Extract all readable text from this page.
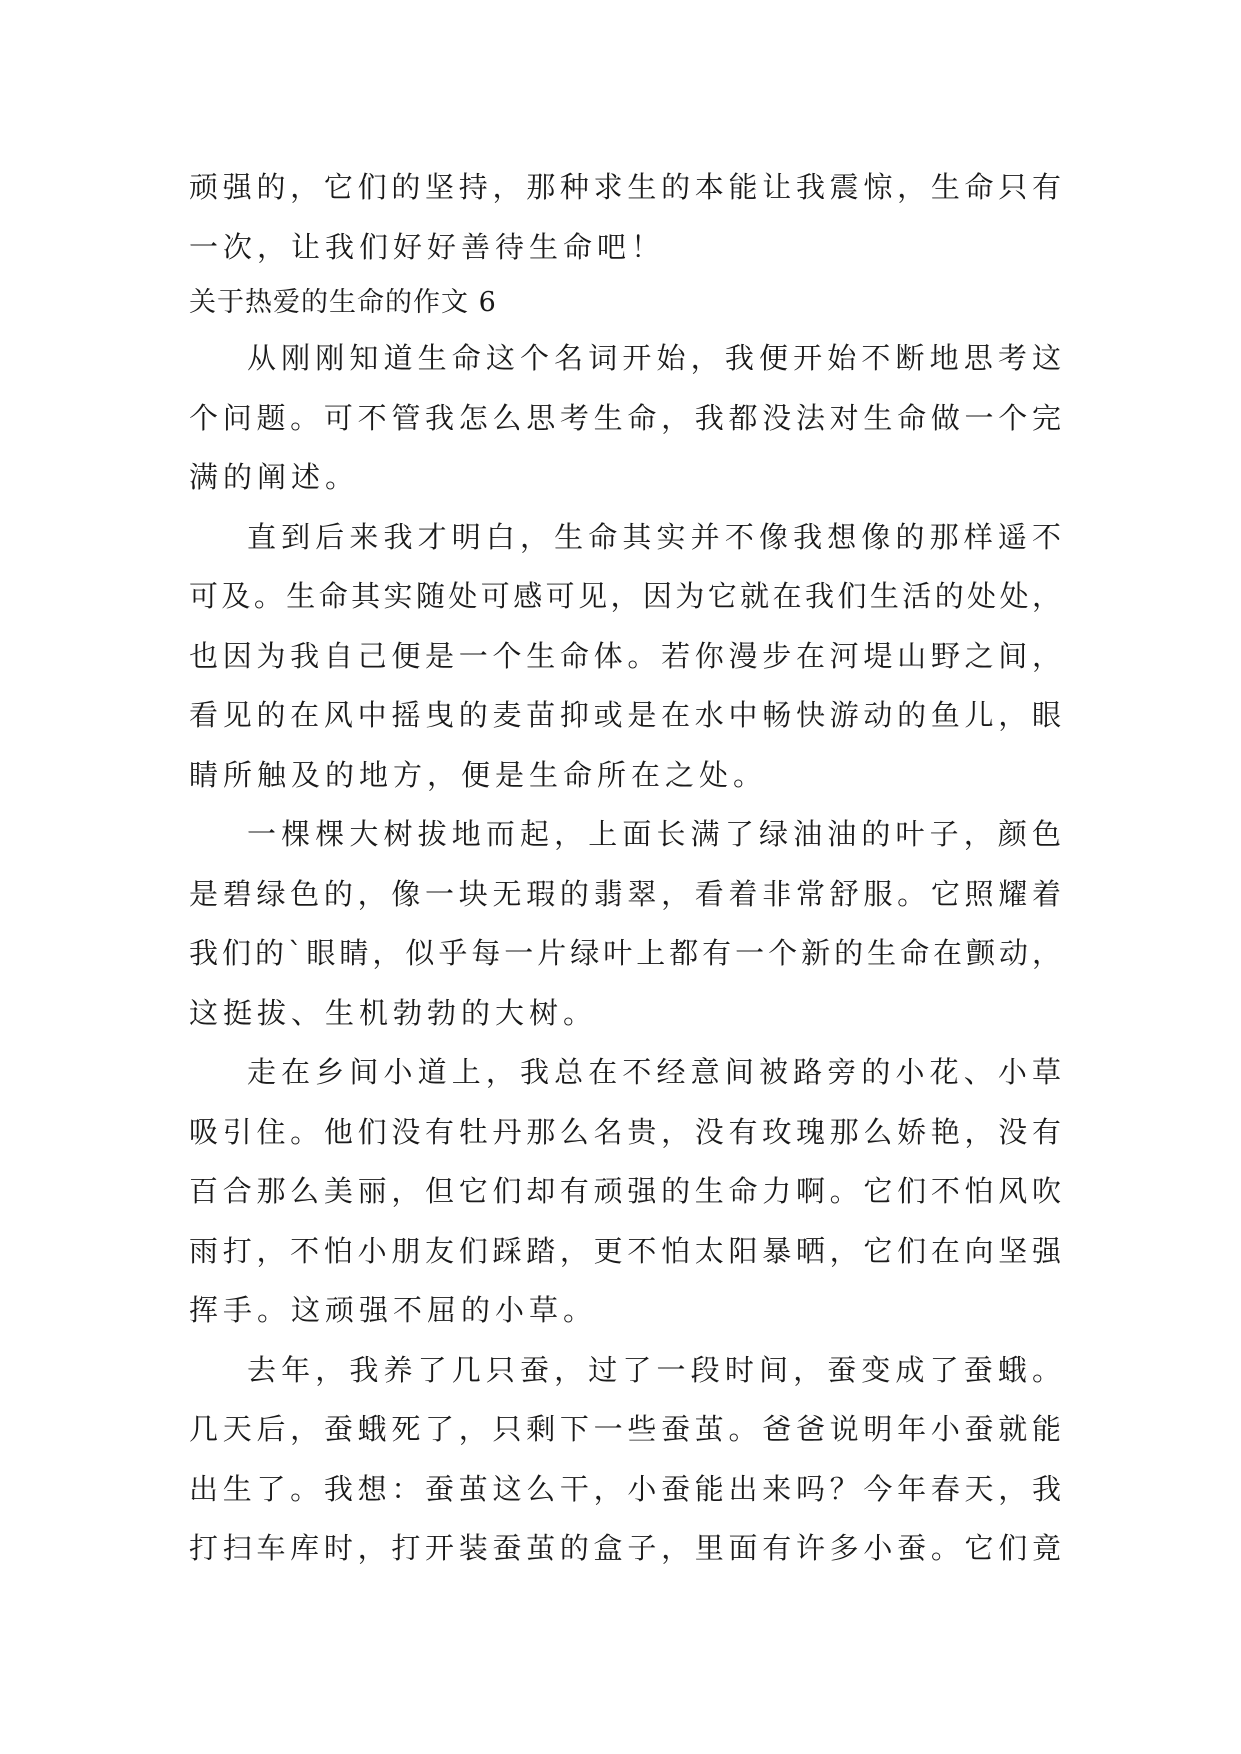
顽强的，它们的坚持，那种求生的本能让我震惊，生命只有
一次，让我们好好善待生命吧！
关于热爱的生命的作文 6
从刚刚知道生命这个名词开始，我便开始不断地思考这
个问题。可不管我怎么思考生命，我都没法对生命做一个完
满的阐述。
直到后来我才明白，生命其实并不像我想像的那样遥不
可及。生命其实随处可感可见，因为它就在我们生活的处处，
也因为我自己便是一个生命体。若你漫步在河堤山野之间，
看见的在风中摇曳的麦苗抑或是在水中畅快游动的鱼儿，眼
睛所触及的地方，便是生命所在之处。
一棵棵大树拔地而起，上面长满了绿油油的叶子，颜色
是碧绿色的，像一块无瑕的翡翠，看着非常舒服。它照耀着
我们的`眼睛，似乎每一片绿叶上都有一个新的生命在颤动，
这挺拔、生机勃勃的大树。
走在乡间小道上，我总在不经意间被路旁的小花、小草
吸引住。他们没有牡丹那么名贵，没有玫瑰那么娇艳，没有
百合那么美丽，但它们却有顽强的生命力啊。它们不怕风吹
雨打，不怕小朋友们踩踏，更不怕太阳暴晒，它们在向坚强
挥手。这顽强不屈的小草。
去年，我养了几只蚕，过了一段时间，蚕变成了蚕蛾。
几天后，蚕蛾死了，只剩下一些蚕茧。爸爸说明年小蚕就能
出生了。我想：蚕茧这么干，小蚕能出来吗？今年春天，我
打扫车库时，打开装蚕茧的盒子，里面有许多小蚕。它们竟
